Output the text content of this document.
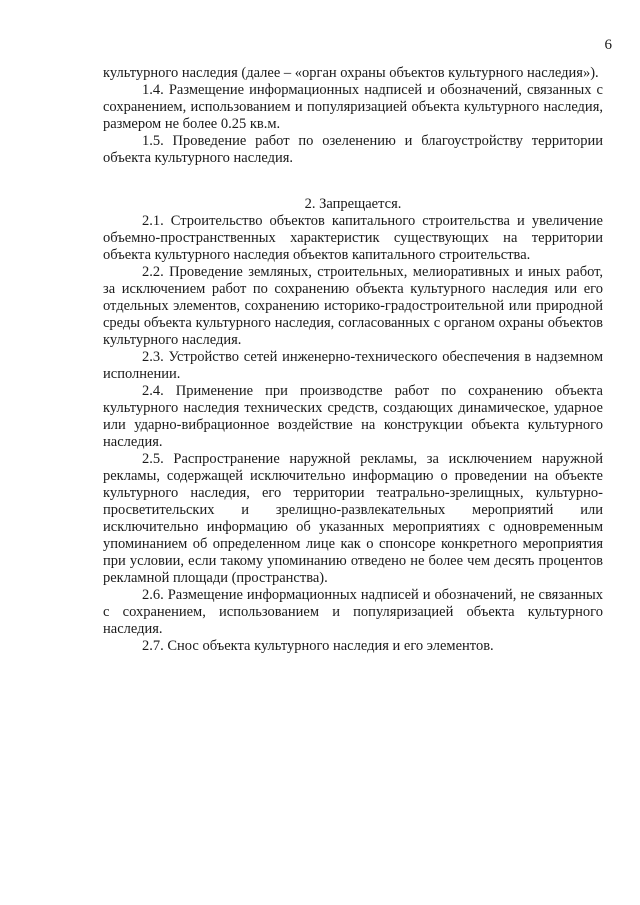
6

культурного наследия (далее – «орган охраны объектов культурного наследия»).

1.4. Размещение информационных надписей и обозначений, связанных с сохранением, использованием и популяризацией объекта культурного наследия, размером не более 0.25 кв.м.

1.5. Проведение работ по озеленению и благоустройству территории объекта культурного наследия.

2. Запрещается.

2.1. Строительство объектов капитального строительства и увеличение объемно-пространственных характеристик существующих на территории объекта культурного наследия объектов капитального строительства.

2.2. Проведение земляных, строительных, мелиоративных и иных работ, за исключением работ по сохранению объекта культурного наследия или его отдельных элементов, сохранению историко-градостроительной или природной среды объекта культурного наследия, согласованных с органом охраны объектов культурного наследия.

2.3. Устройство сетей инженерно-технического обеспечения в надземном исполнении.

2.4. Применение при производстве работ по сохранению объекта культурного наследия технических средств, создающих динамическое, ударное или ударно-вибрационное воздействие на конструкции объекта культурного наследия.

2.5. Распространение наружной рекламы, за исключением наружной рекламы, содержащей исключительно информацию о проведении на объекте культурного наследия, его территории театрально-зрелищных, культурно-просветительских и зрелищно-развлекательных мероприятий или исключительно информацию об указанных мероприятиях с одновременным упоминанием об определенном лице как о спонсоре конкретного мероприятия при условии, если такому упоминанию отведено не более чем десять процентов рекламной площади (пространства).

2.6. Размещение информационных надписей и обозначений, не связанных с сохранением, использованием и популяризацией объекта культурного наследия.

2.7. Снос объекта культурного наследия и его элементов.
